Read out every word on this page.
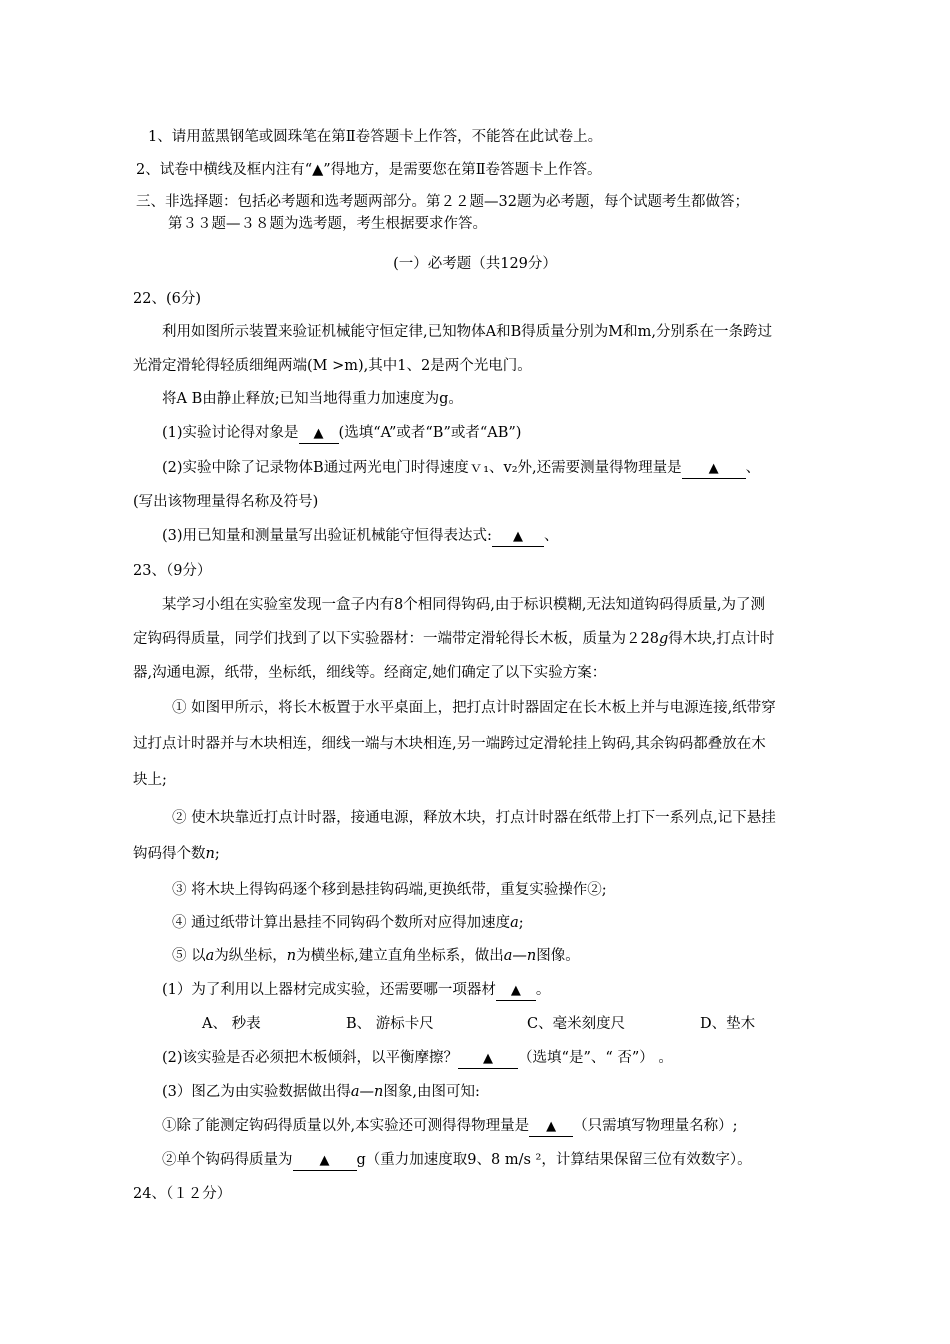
1、请用蓝黑钢笔或圆珠笔在第Ⅱ卷答题卡上作答，不能答在此试卷上。
2、试卷中横线及框内注有“▲”得地方，是需要您在第Ⅱ卷答题卡上作答。
三、非选择题：包括必考题和选考题两部分。第２２题—32题为必考题，每个试题考生都做答；
第３３题—３８题为选考题，考生根据要求作答。
(一）必考题（共129分）
22、(6分)
利用如图所示装置来验证机械能守恒定律,已知物体A和B得质量分别为M和m,分别系在一条跨过
光滑定滑轮得轻质细绳两端(M >m),其中1、2是两个光电门。
将A B由静止释放;已知当地得重力加速度为g。
(1)实验讨论得对象是 ▲ (选填“A”或者“B”或者“AB”)
(2)实验中除了记录物体B通过两光电门时得速度ｖ₁、v₂外,还需要测量得物理量是 ▲ 、
(写出该物理量得名称及符号)
(3)用已知量和测量量写出验证机械能守恒得表达式: ▲ 、
23、（9分）
某学习小组在实验室发现一盒子内有8个相同得钩码,由于标识模糊,无法知道钩码得质量,为了测
定钩码得质量，同学们找到了以下实验器材：一端带定滑轮得长木板，质量为２28g得木块,打点计时
器,沟通电源，纸带，坐标纸，细线等。经商定,她们确定了以下实验方案：
① 如图甲所示，将长木板置于水平桌面上，把打点计时器固定在长木板上并与电源连接,纸带穿
过打点计时器并与木块相连，细线一端与木块相连,另一端跨过定滑轮挂上钩码,其余钩码都叠放在木
块上;
② 使木块靠近打点计时器，接通电源，释放木块，打点计时器在纸带上打下一系列点,记下悬挂
钩码得个数n;
③ 将木块上得钩码逐个移到悬挂钩码端,更换纸带，重复实验操作②;
④ 通过纸带计算出悬挂不同钩码个数所对应得加速度a;
⑤ 以a为纵坐标，n为横坐标,建立直角坐标系，做出a—n图像。
(1）为了利用以上器材完成实验，还需要哪一项器材 ▲ 。
A、 秒表	B、 游标卡尺	C、毫米刻度尺	D、垫木
(2)该实验是否必须把木板倾斜，以平衡摩擦？ ▲ （选填“是”、“ 否”） 。
(3）图乙为由实验数据做出得a—n图象,由图可知:
①除了能测定钩码得质量以外,本实验还可测得得物理量是 ▲ （只需填写物理量名称）;
②单个钩码得质量为 ▲ g（重力加速度取9、8 m/s ²，计算结果保留三位有效数字）。
24、（１２分）
